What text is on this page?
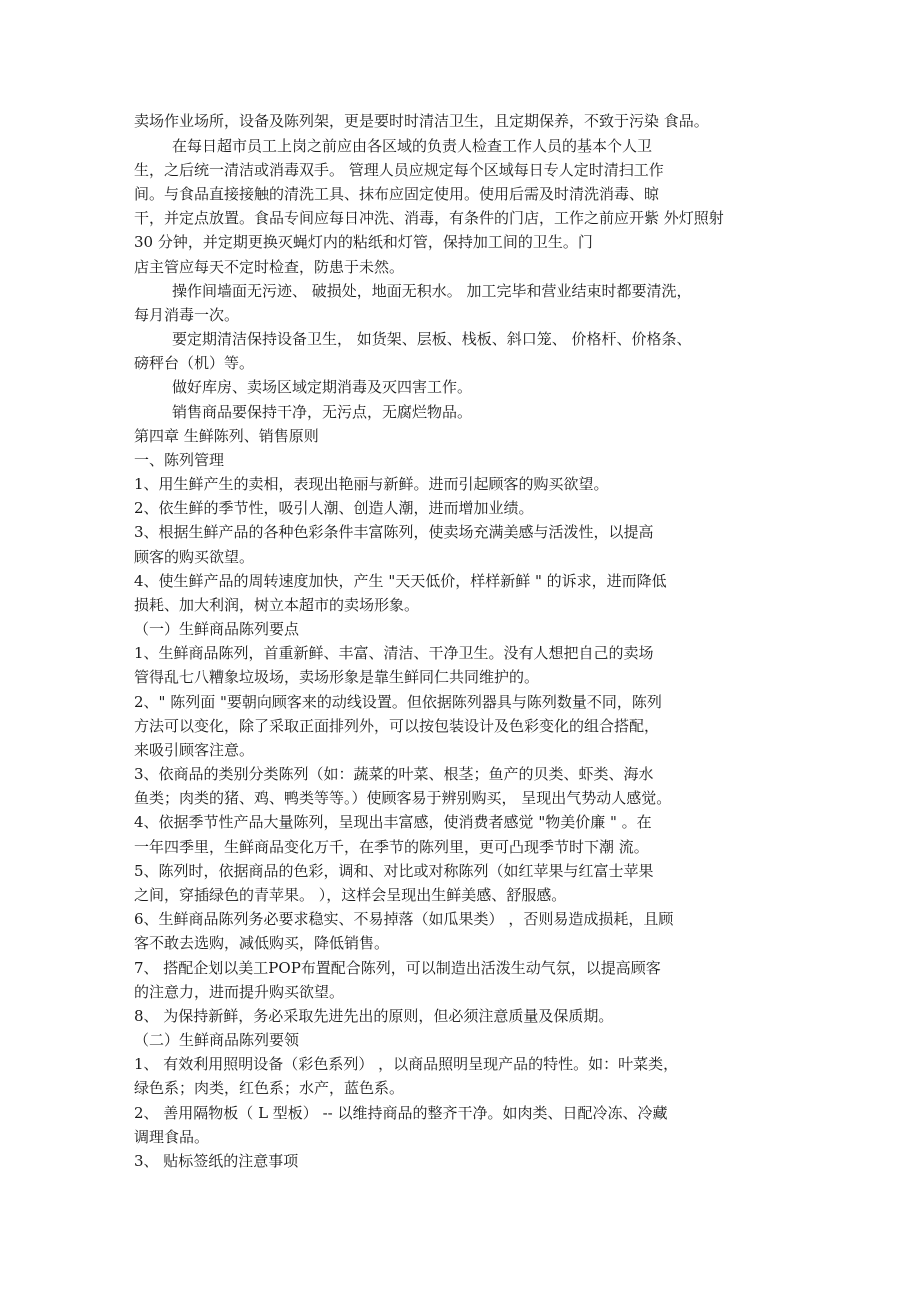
卖场作业场所，设备及陈列架，更是要时时清洁卫生，且定期保养，不致于污染 食品。
在每日超市员工上岗之前应由各区域的负责人检查工作人员的基本个人卫
生，之后统一清洁或消毒双手。 管理人员应规定每个区域每日专人定时清扫工作
间。与食品直接接触的清洗工具、抹布应固定使用。使用后需及时清洗消毒、晾
干，并定点放置。食品专间应每日冲洗、消毒，有条件的门店，工作之前应开紫 外灯照射
30 分钟，并定期更换灭蝇灯内的粘纸和灯管，保持加工间的卫生。门
店主管应每天不定时检查，防患于未然。
操作间墙面无污迹、 破损处，地面无积水。 加工完毕和营业结束时都要清洗，
每月消毒一次。
要定期清洁保持设备卫生， 如货架、层板、栈板、斜口笼、 价格杆、价格条、
磅秤台（机）等。
做好库房、卖场区域定期消毒及灭四害工作。
销售商品要保持干净，无污点，无腐烂物品。
第四章 生鲜陈列、销售原则
一、陈列管理
1、用生鲜产生的卖相，表现出艳丽与新鲜。进而引起顾客的购买欲望。
2、依生鲜的季节性，吸引人潮、创造人潮，进而增加业绩。
3、根据生鲜产品的各种色彩条件丰富陈列，使卖场充满美感与活泼性，以提高
顾客的购买欲望。
4、使生鲜产品的周转速度加快，产生 "天天低价，样样新鲜 " 的诉求，进而降低
损耗、加大利润，树立本超市的卖场形象。
（一）生鲜商品陈列要点
1、生鲜商品陈列，首重新鲜、丰富、清洁、干净卫生。没有人想把自己的卖场
管得乱七八糟象垃圾场，卖场形象是靠生鲜同仁共同维护的。
2、" 陈列面 "要朝向顾客来的动线设置。但依据陈列器具与陈列数量不同，陈列
方法可以变化，除了采取正面排列外，可以按包装设计及色彩变化的组合搭配，
来吸引顾客注意。
3、依商品的类别分类陈列（如：蔬菜的叶菜、根茎；鱼产的贝类、虾类、海水
鱼类；肉类的猪、鸡、鸭类等等。）使顾客易于辨别购买， 呈现出气势动人感觉。
4、依据季节性产品大量陈列，呈现出丰富感，使消费者感觉 "物美价廉 " 。在
一年四季里，生鲜商品变化万千，在季节的陈列里，更可凸现季节时下潮 流。
5、陈列时，依据商品的色彩，调和、对比或对称陈列（如红苹果与红富士苹果
之间，穿插绿色的青苹果。 ），这样会呈现出生鲜美感、舒服感。
6、生鲜商品陈列务必要求稳实、不易掉落（如瓜果类） ，否则易造成损耗，且顾
客不敢去选购，减低购买，降低销售。
7、 搭配企划以美工POP布置配合陈列，可以制造出活泼生动气氛，以提高顾客
的注意力，进而提升购买欲望。
8、 为保持新鲜，务必采取先进先出的原则，但必须注意质量及保质期。
（二）生鲜商品陈列要领
1、 有效利用照明设备（彩色系列） ，以商品照明呈现产品的特性。如：叶菜类，
绿色系；肉类，红色系；水产，蓝色系。
2、 善用隔物板（ L 型板） -- 以维持商品的整齐干净。如肉类、日配冷冻、冷藏
调理食品。
3、 贴标签纸的注意事项
